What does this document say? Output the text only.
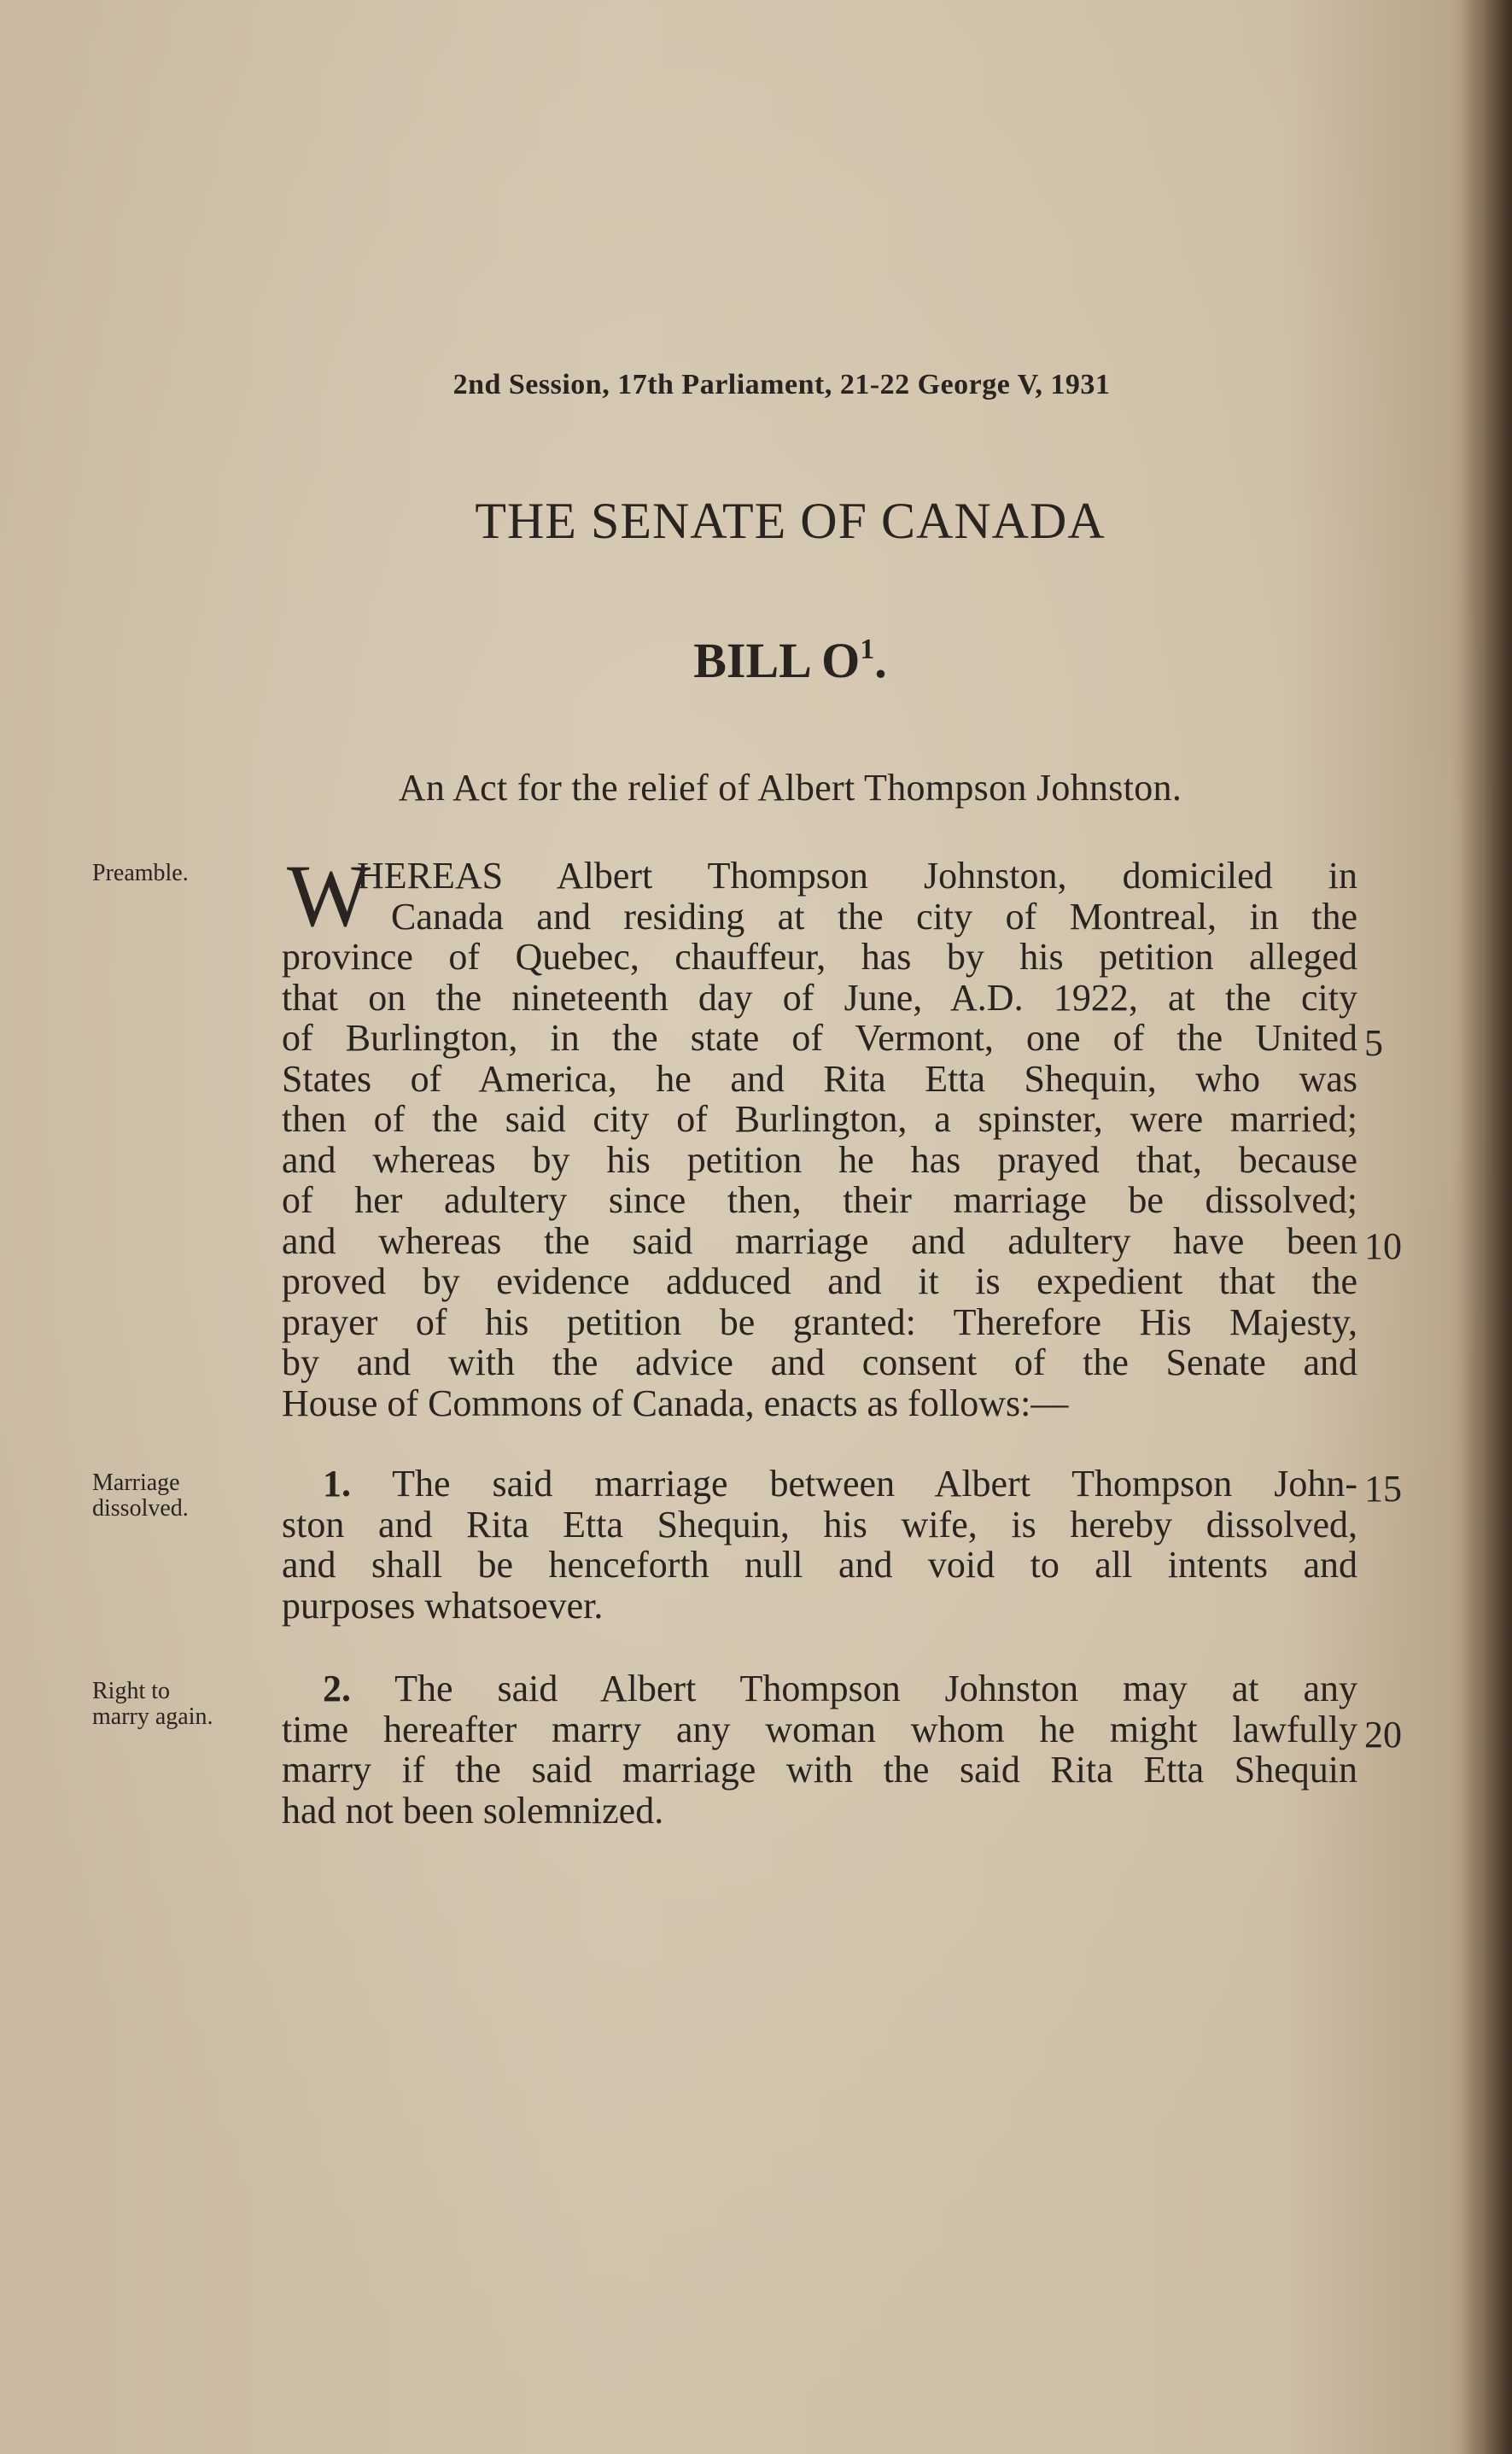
2nd Session, 17th Parliament, 21-22 George V, 1931
THE SENATE OF CANADA
BILL $O^1$.
An Act for the relief of Albert Thompson Johnston.
Preamble.
Marriage
dissolved.
Right to
marry again.
5
10
15
20
W
HEREAS Albert Thompson Johnston, domiciled in
Canada and residing at the city of Montreal, in the
province of Quebec, chauffeur, has by his petition alleged
that on the nineteenth day of June, A.D. 1922, at the city
of Burlington, in the state of Vermont, one of the United
States of America, he and Rita Etta Shequin, who was
then of the said city of Burlington, a spinster, were married;
and whereas by his petition he has prayed that, because
of her adultery since then, their marriage be dissolved;
and whereas the said marriage and adultery have been
proved by evidence adduced and it is expedient that the
prayer of his petition be granted: Therefore His Majesty,
by and with the advice and consent of the Senate and
House of Commons of Canada, enacts as follows:—
1. The said marriage between Albert Thompson John-
ston and Rita Etta Shequin, his wife, is hereby dissolved,
and shall be henceforth null and void to all intents and
purposes whatsoever.
2. The said Albert Thompson Johnston may at any
time hereafter marry any woman whom he might lawfully
marry if the said marriage with the said Rita Etta Shequin
had not been solemnized.
